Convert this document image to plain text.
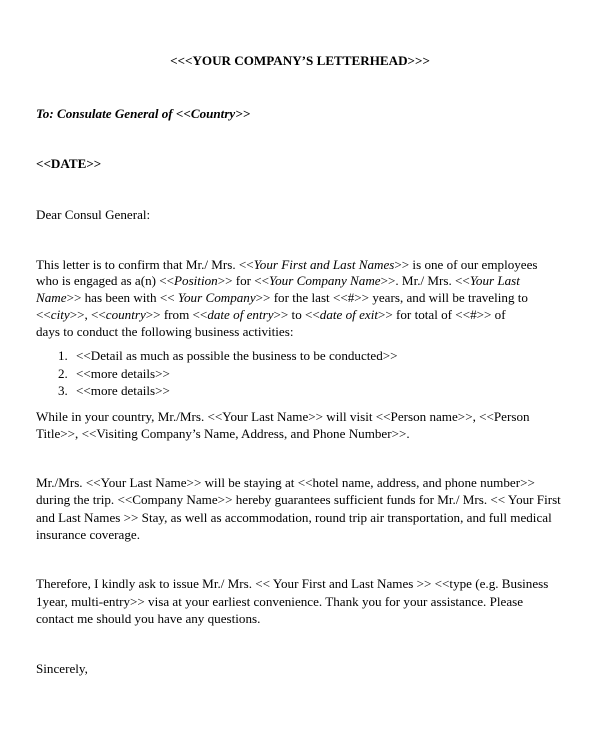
<<<YOUR COMPANY’S LETTERHEAD>>>
To: Consulate General of <<Country>>
<<DATE>>
Dear Consul General:
This letter is to confirm that Mr./ Mrs. <<Your First and Last Names>> is one of our employees
who is engaged as a(n) <<Position>> for <<Your Company Name>>. Mr./ Mrs. <<Your Last
Name>> has been with << Your Company>> for the last <<#>> years, and will be traveling to
<<city>>, <<country>> from <<date of entry>> to <<date of exit>> for total of <<#>> of
days to conduct the following business activities:
1. <<Detail as much as possible the business to be conducted>>
2. <<more details>>
3. <<more details>>
While in your country, Mr./Mrs. <<Your Last Name>> will visit <<Person name>>, <<Person
Title>>, <<Visiting Company’s Name, Address, and Phone Number>>.
Mr./Mrs. <<Your Last Name>> will be staying at <<hotel name, address, and phone number>>
during the trip. <<Company Name>> hereby guarantees sufficient funds for Mr./ Mrs. << Your First
and Last Names >> Stay, as well as accommodation, round trip air transportation, and full medical
insurance coverage.
Therefore, I kindly ask to issue Mr./ Mrs. << Your First and Last Names >> <<type (e.g. Business
1year, multi-entry>> visa at your earliest convenience. Thank you for your assistance. Please
contact me should you have any questions.
Sincerely,
